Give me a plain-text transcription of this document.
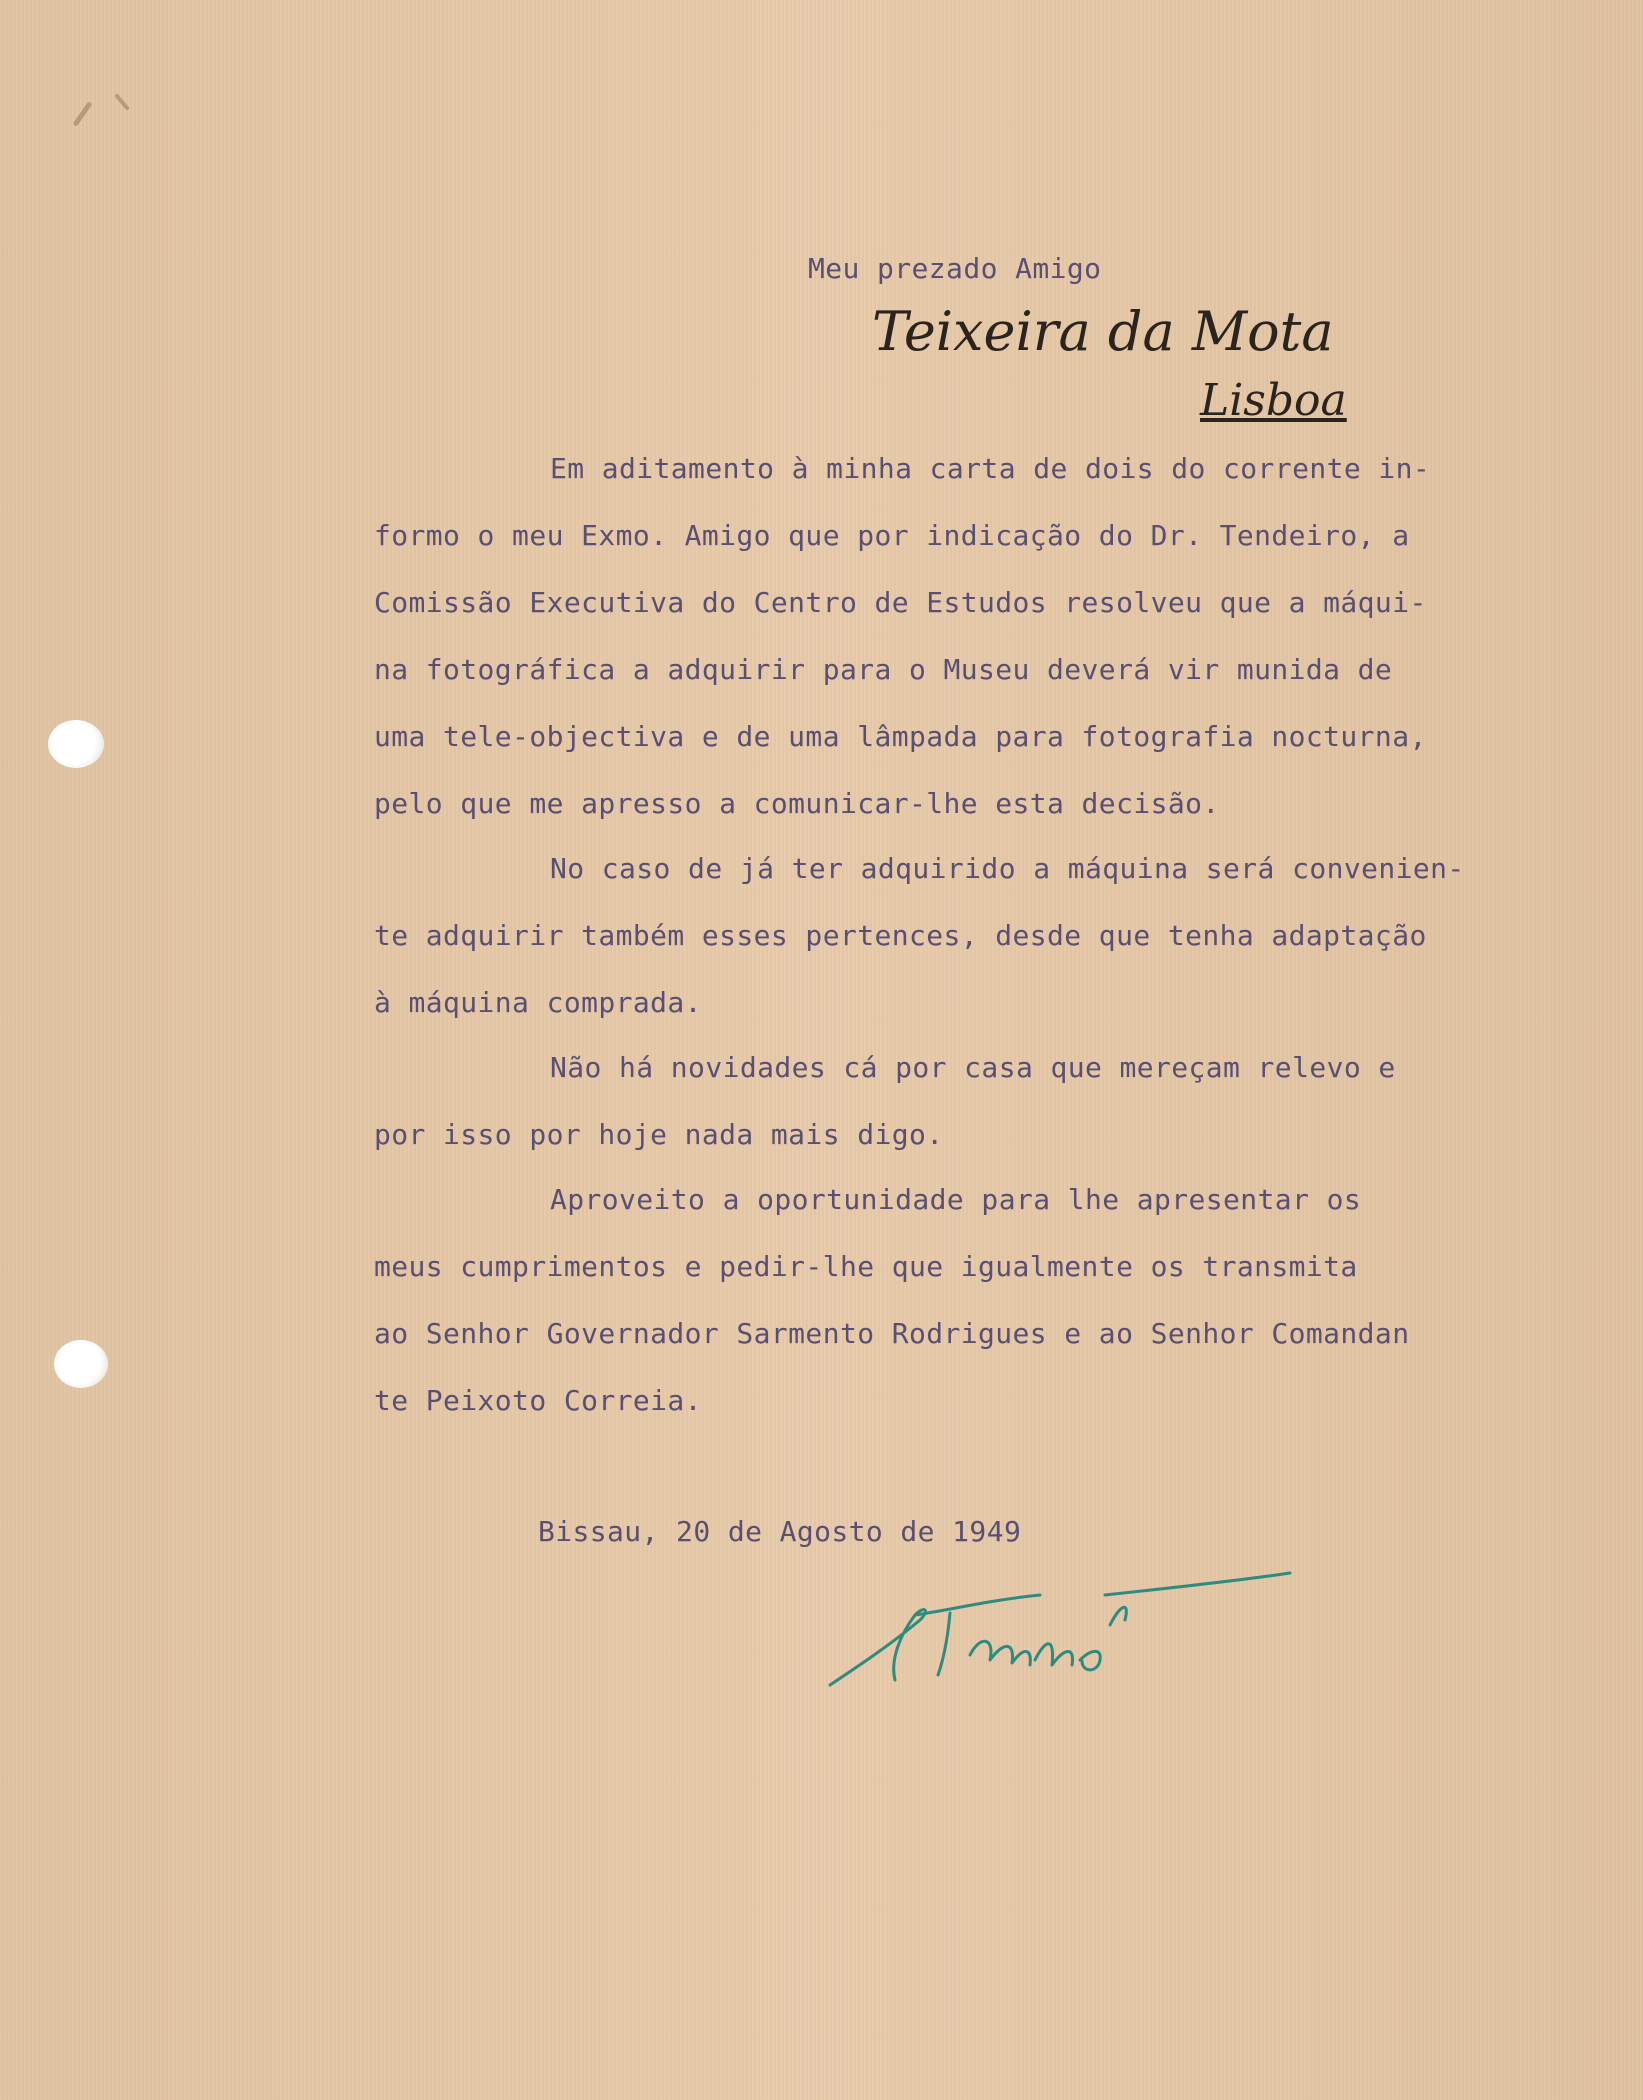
Meu prezado Amigo
Teixeira da Mota
Lisboa
Em aditamento à minha carta de dois do corrente in-
formo o meu Exmo. Amigo que por indicação do Dr. Tendeiro, a
Comissão Executiva do Centro de Estudos resolveu que a máqui-
na fotográfica a adquirir para o Museu deverá vir munida de
uma tele-objectiva e de uma lâmpada para fotografia nocturna,
pelo que me apresso a comunicar-lhe esta decisão.
No caso de já ter adquirido a máquina será convenien-
te adquirir também esses pertences, desde que tenha adaptação
à máquina comprada.
Não há novidades cá por casa que mereçam relevo e
por isso por hoje nada mais digo.
Aproveito a oportunidade para lhe apresentar os
meus cumprimentos e pedir-lhe que igualmente os transmita
ao Senhor Governador Sarmento Rodrigues e ao Senhor Comandan
te Peixoto Correia.
Bissau, 20 de Agosto de 1949
